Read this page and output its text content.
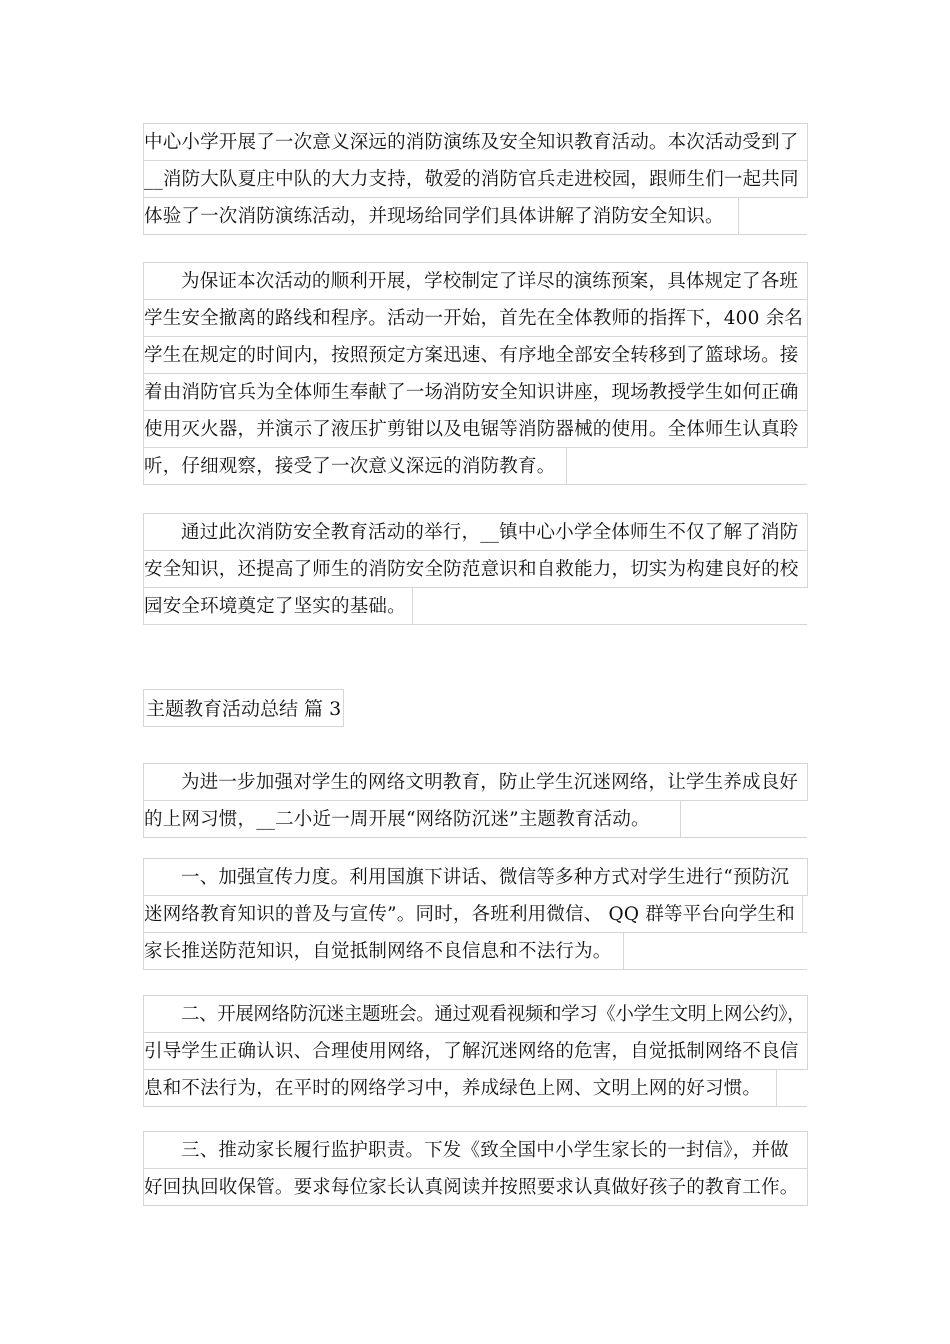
中心小学开展了一次意义深远的消防演练及安全知识教育活动。本次活动受到了
__消防大队夏庄中队的大力支持，敬爱的消防官兵走进校园，跟师生们一起共同
体验了一次消防演练活动，并现场给同学们具体讲解了消防安全知识。
为保证本次活动的顺利开展，学校制定了详尽的演练预案，具体规定了各班
学生安全撤离的路线和程序。活动一开始，首先在全体教师的指挥下，400 余名
学生在规定的时间内，按照预定方案迅速、有序地全部安全转移到了篮球场。接
着由消防官兵为全体师生奉献了一场消防安全知识讲座，现场教授学生如何正确
使用灭火器，并演示了液压扩剪钳以及电锯等消防器械的使用。全体师生认真聆
听，仔细观察，接受了一次意义深远的消防教育。
通过此次消防安全教育活动的举行，__镇中心小学全体师生不仅了解了消防
安全知识，还提高了师生的消防安全防范意识和自救能力，切实为构建良好的校
园安全环境奠定了坚实的基础。
主题教育活动总结 篇 3
为进一步加强对学生的网络文明教育，防止学生沉迷网络，让学生养成良好
的上网习惯，__二小近一周开展“网络防沉迷”主题教育活动。
一、加强宣传力度。利用国旗下讲话、微信等多种方式对学生进行“预防沉
迷网络教育知识的普及与宣传”。同时，各班利用微信、 QQ 群等平台向学生和
家长推送防范知识，自觉抵制网络不良信息和不法行为。
二、开展网络防沉迷主题班会。通过观看视频和学习《小学生文明上网公约》，
引导学生正确认识、合理使用网络，了解沉迷网络的危害，自觉抵制网络不良信
息和不法行为，在平时的网络学习中，养成绿色上网、文明上网的好习惯。
三、推动家长履行监护职责。下发《致全国中小学生家长的一封信》，并做
好回执回收保管。要求每位家长认真阅读并按照要求认真做好孩子的教育工作。
